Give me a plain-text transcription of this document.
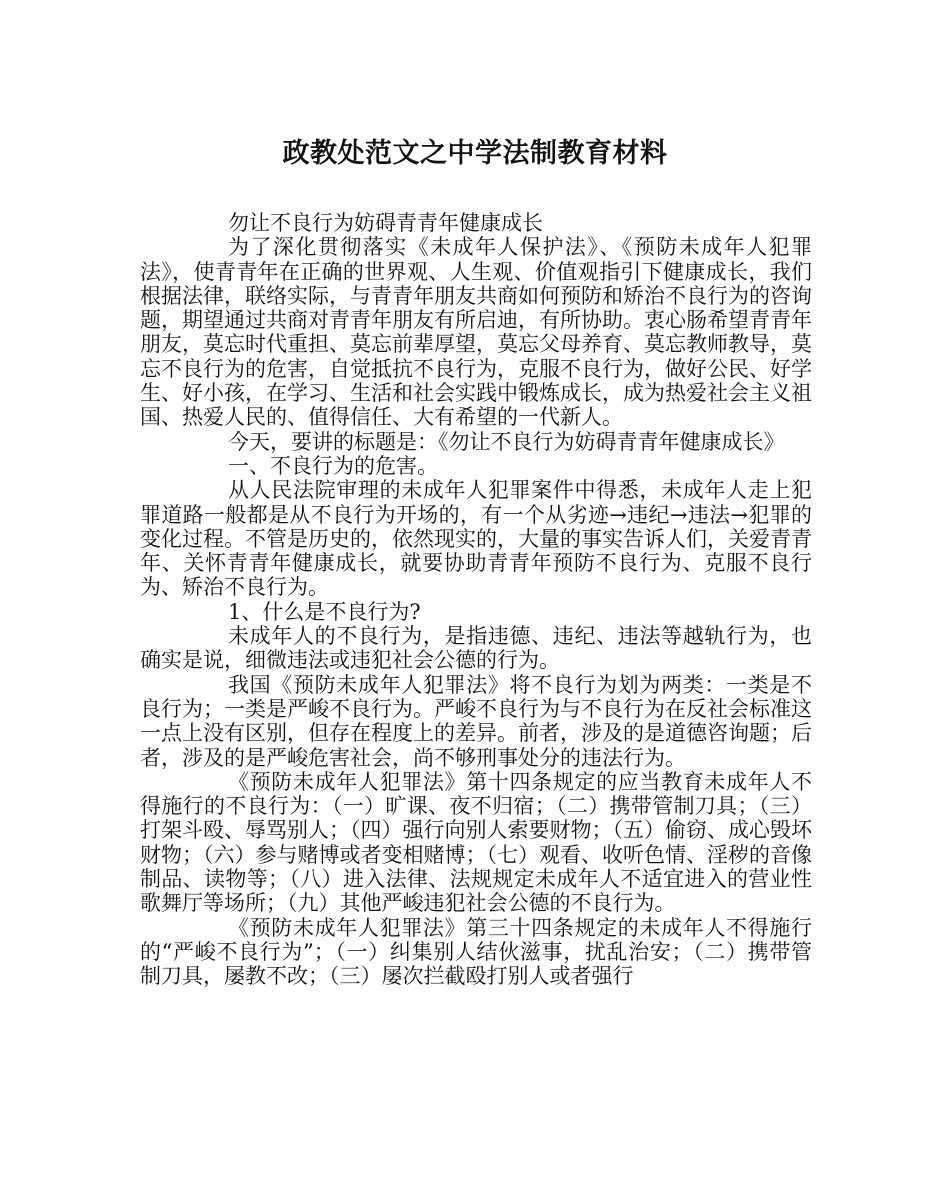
政教处范文之中学法制教育材料

勿让不良行为妨碍青青年健康成长

为了深化贯彻落实《未成年人保护法》、《预防未成年人犯罪法》，使青青年在正确的世界观、人生观、价值观指引下健康成长，我们根据法律，联络实际，与青青年朋友共商如何预防和矫治不良行为的咨询题，期望通过共商对青青年朋友有所启迪，有所协助。衷心肠希望青青年朋友，莫忘时代重担、莫忘前辈厚望，莫忘父母养育、莫忘教师教导，莫忘不良行为的危害，自觉抵抗不良行为，克服不良行为，做好公民、好学生、好小孩，在学习、生活和社会实践中锻炼成长，成为热爱社会主义祖国、热爱人民的、值得信任、大有希望的一代新人。

今天，要讲的标题是：《勿让不良行为妨碍青青年健康成长》

一、不良行为的危害。

从人民法院审理的未成年人犯罪案件中得悉，未成年人走上犯罪道路一般都是从不良行为开场的，有一个从劣迹→违纪→违法→犯罪的变化过程。不管是历史的，依然现实的，大量的事实告诉人们，关爱青青年、关怀青青年健康成长，就要协助青青年预防不良行为、克服不良行为、矫治不良行为。

1、什么是不良行为?

未成年人的不良行为，是指违德、违纪、违法等越轨行为，也确实是说，细微违法或违犯社会公德的行为。

我国《预防未成年人犯罪法》将不良行为划为两类：一类是不良行为；一类是严峻不良行为。严峻不良行为与不良行为在反社会标准这一点上没有区别，但存在程度上的差异。前者，涉及的是道德咨询题；后者，涉及的是严峻危害社会，尚不够刑事处分的违法行为。

《预防未成年人犯罪法》第十四条规定的应当教育未成年人不得施行的不良行为：（一）旷课、夜不归宿；（二）携带管制刀具；（三）打架斗殴、辱骂别人；（四）强行向别人索要财物；（五）偷窃、成心毁坏财物；（六）参与赌博或者变相赌博；（七）观看、收听色情、淫秽的音像制品、读物等；（八）进入法律、法规规定未成年人不适宜进入的营业性歌舞厅等场所；（九）其他严峻违犯社会公德的不良行为。

《预防未成年人犯罪法》第三十四条规定的未成年人不得施行的“严峻不良行为”；（一）纠集别人结伙滋事，扰乱治安；（二）携带管制刀具，屡教不改；（三）屡次拦截殴打别人或者强行
